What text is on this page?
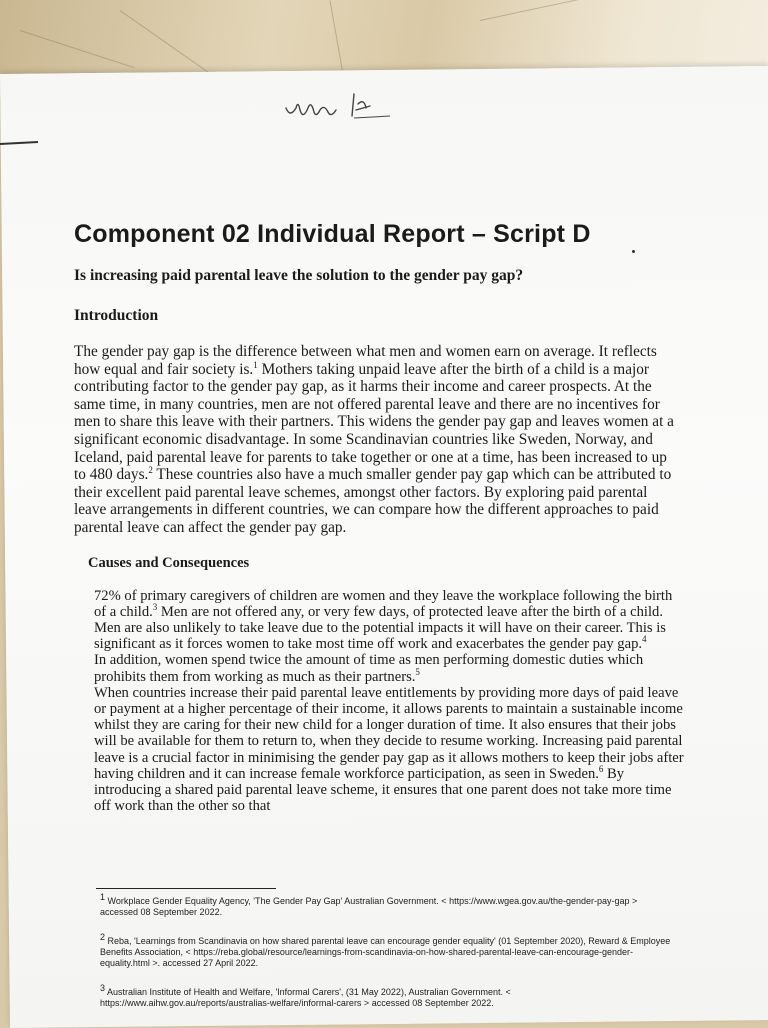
Component 02 Individual Report – Script D
Is increasing paid parental leave the solution to the gender pay gap?
Introduction

The gender pay gap is the difference between what men and women earn on average. It reflects how equal and fair society is.$^1$ Mothers taking unpaid leave after the birth of a child is a major contributing factor to the gender pay gap, as it harms their income and career prospects. At the same time, in many countries, men are not offered parental leave and there are no incentives for men to share this leave with their partners. This widens the gender pay gap and leaves women at a significant economic disadvantage. In some Scandinavian countries like Sweden, Norway, and Iceland, paid parental leave for parents to take together or one at a time, has been increased to up to 480 days.$^2$ These countries also have a much smaller gender pay gap which can be attributed to their excellent paid parental leave schemes, amongst other factors. By exploring paid parental leave arrangements in different countries, we can compare how the different approaches to paid parental leave can affect the gender pay gap.

Causes and Consequences

72% of primary caregivers of children are women and they leave the workplace following the birth of a child.$^3$ Men are not offered any, or very few days, of protected leave after the birth of a child. Men are also unlikely to take leave due to the potential impacts it will have on their career. This is significant as it forces women to take most time off work and exacerbates the gender pay gap.$^4$

In addition, women spend twice the amount of time as men performing domestic duties which prohibits them from working as much as their partners.$^5$

When countries increase their paid parental leave entitlements by providing more days of paid leave or payment at a higher percentage of their income, it allows parents to maintain a sustainable income whilst they are caring for their new child for a longer duration of time. It also ensures that their jobs will be available for them to return to, when they decide to resume working. Increasing paid parental leave is a crucial factor in minimising the gender pay gap as it allows mothers to keep their jobs after having children and it can increase female workforce participation, as seen in Sweden.$^6$ By introducing a shared paid parental leave scheme, it ensures that one parent does not take more time off work than the other so that

$^1$ Workplace Gender Equality Agency, 'The Gender Pay Gap' Australian Government. < https://www.wgea.gov.au/the-gender-pay-gap > accessed 08 September 2022.

$^2$ Reba, 'Learnings from Scandinavia on how shared parental leave can encourage gender equality' (01 September 2020), Reward & Employee Benefits Association, < https://reba.global/resource/learnings-from-scandinavia-on-how-shared-parental-leave-can-encourage-gender-equality.html >. accessed 27 April 2022.

$^3$ Australian Institute of Health and Welfare, 'Informal Carers', (31 May 2022), Australian Government. < https://www.aihw.gov.au/reports/australias-welfare/informal-carers > accessed 08 September 2022.
